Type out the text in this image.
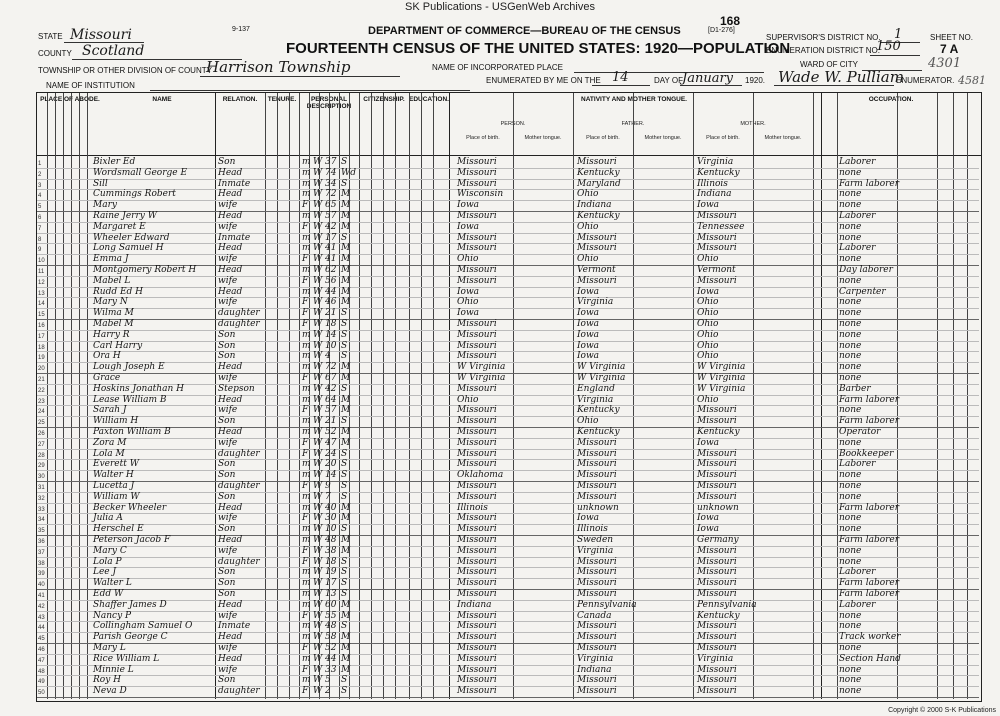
SK Publications - USGenWeb Archives
9-137
168
[D1-276]
DEPARTMENT OF COMMERCE—BUREAU OF THE CENSUS
FOURTEENTH CENSUS OF THE UNITED STATES: 1920—POPULATION
STATE Missouri
COUNTY Scotland
TOWNSHIP OR OTHER DIVISION OF COUNTY
Harrison Township
NAME OF INSTITUTION
NAME OF INCORPORATED PLACE
ENUMERATED BY ME ON THE 14	DAY OF
January 1920. Wade W. Pulliam
ENUMERATOR.
WARD OF CITY	4301
4581
SUPERVISOR'S DISTRICT NO. 1
ENUMERATION DISTRICT NO.
150
SHEET NO.
7 A
PLACE OF ABODE.	NAME	RELATION.	TENURE.	PERSONAL DESCRIPTION
CITIZENSHIP. EDUCATION.	NATIVITY AND MOTHER TONGUE.	OCCUPATION.
PERSON.	FATHER.	MOTHER.
Place of birth.	Mother tongue.	Place of birth.	Mother tongue.	Place of birth.	Mother tongue.
1	Bixler Ed	Son	m W 37 S	Missouri	Missouri	Virginia	Laborer
2	Wordsmall George E	Head	m W 74 Wd	Missouri	Kentucky	Kentucky	none
3	Sill	Inmate	m W 34 S	Missouri	Maryland	Illinois	Farm laborer
4	Cummings Robert	Head	m W 72 M	Wisconsin	Ohio	Indiana	none
5	Mary	wife	F W 65 M	Iowa	Indiana	Iowa	none
6	Raine Jerry W	Head	m W 57 M	Missouri	Kentucky	Missouri	Laborer
7	Margaret E	wife	F W 42 M	Iowa	Ohio	Tennessee	none
8	Wheeler Edward	Inmate	m W 17 S	Missouri	Missouri	Missouri	none
9	Long Samuel H	Head	m W 41 M	Missouri	Missouri	Missouri	Laborer
10	Emma J	wife	F W 41 M	Ohio	Ohio	Ohio	none
11	Montgomery Robert H Head	m W 62 M	Missouri	Vermont	Vermont	Day laborer
12	Mabel L	wife	F W 56 M	Missouri	Missouri	Missouri	none
13	Rudd Ed H	Head	m W 44 M	Iowa	Iowa	Iowa	Carpenter
14	Mary N	wife	F W 46 M	Ohio	Virginia	Ohio	none
15	Wilma M	daughter	F W 21 S	Iowa	Iowa	Ohio	none
16	Mabel M	daughter	F W 18 S	Missouri	Iowa	Ohio	none
17	Harry R	Son	m W 14 S	Missouri	Iowa	Ohio	none
18	Carl Harry	Son	m W 10 S	Missouri	Iowa	Ohio	none
19	Ora H	Son	m W 4 S	Missouri	Iowa	Ohio	none
20	Lough Joseph E	Head	m W 72 M	W Virginia	W Virginia	W Virginia	none
21	Grace	wife	F W 67 M	W Virginia	W Virginia	W Virginia	none
22	Hoskins Jonathan H	Stepson	m W 42 S	Missouri	England	W Virginia	Barber
23	Lease William B	Head	m W 64 M	Ohio	Virginia	Ohio	Farm laborer
24	Sarah J	wife	F W 57 M	Missouri	Kentucky	Missouri	none
25	William H	Son	m W 21 S	Missouri	Ohio	Missouri	Farm laborer
26	Paxton William B	Head	m W 52 M	Missouri	Kentucky	Kentucky	Operator
27	Zora M	wife	F W 47 M	Missouri	Missouri	Iowa	none
28	Lola M	daughter	F W 24 S	Missouri	Missouri	Missouri	Bookkeeper
29	Everett W	Son	m W 20 S	Missouri	Missouri	Missouri	Laborer
30	Walter H	Son	m W 14 S	Oklahoma	Missouri	Missouri	none
31	Lucetta J	daughter	F W 9 S	Missouri	Missouri	Missouri	none
32	William W	Son	m W 7 S	Missouri	Missouri	Missouri	none
33	Becker Wheeler	Head	m W 40 M	Illinois	unknown	unknown	Farm laborer
34	Julia A	wife	F W 30 M	Missouri	Iowa	Iowa	none
35	Herschel E	Son	m W 10 S	Missouri	Illinois	Iowa	none
36	Peterson Jacob F	Head	m W 48 M	Missouri	Sweden	Germany	Farm laborer
37	Mary C	wife	F W 38 M	Missouri	Virginia	Missouri	none
38	Lola P	daughter	F W 18 S	Missouri	Missouri	Missouri	none
39	Lee J	Son	m W 19 S	Missouri	Missouri	Missouri	Laborer
40	Walter L	Son	m W 17 S	Missouri	Missouri	Missouri	Farm laborer
41	Edd W	Son	m W 13 S	Missouri	Missouri	Missouri	Farm laborer
42	Shaffer James D	Head	m W 60 M	Indiana	Pennsylvania	Pennsylvania	Laborer
43	Nancy P	wife	F W 55 M	Missouri	Canada	Kentucky	none
44	Collingham Samuel O	Inmate	m W 48 S	Missouri	Missouri	Missouri	none
45	Parish George C	Head	m W 58 M	Missouri	Missouri	Missouri	Track worker
46	Mary L	wife	F W 52 M	Missouri	Missouri	Missouri	none
47	Rice William L	Head	m W 44 M	Missouri	Virginia	Virginia	Section Hand
48	Minnie L	wife	F W 33 M	Missouri	Indiana	Missouri	none
49	Roy H	Son	m W 5 S	Missouri	Missouri	Missouri	none
50	Neva D	daughter	F W 2 S	Missouri	Missouri	Missouri	none
Copyright © 2000 S-K Publications
